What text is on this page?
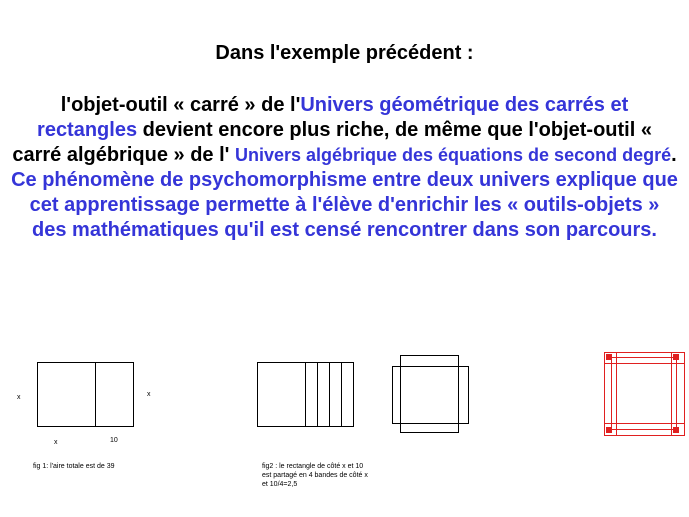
Dans l'exemple précédent :

l'objet-outil « carré » de l'Univers géométrique des carrés et rectangles devient encore plus riche, de même que l'objet-outil « carré algébrique » de l' Univers algébrique des équations de second degré.

Ce phénomène de psychomorphisme entre deux univers explique que cet apprentissage permette à l'élève d'enrichir les « outils-objets » des mathématiques qu'il est censé rencontrer dans son parcours.

x	x
x	10
fig 1: l'aire totale est de 39	fig2 : le rectangle de côté x et 10
est partagé en 4 bandes de côté x
et 10/4=2,5
